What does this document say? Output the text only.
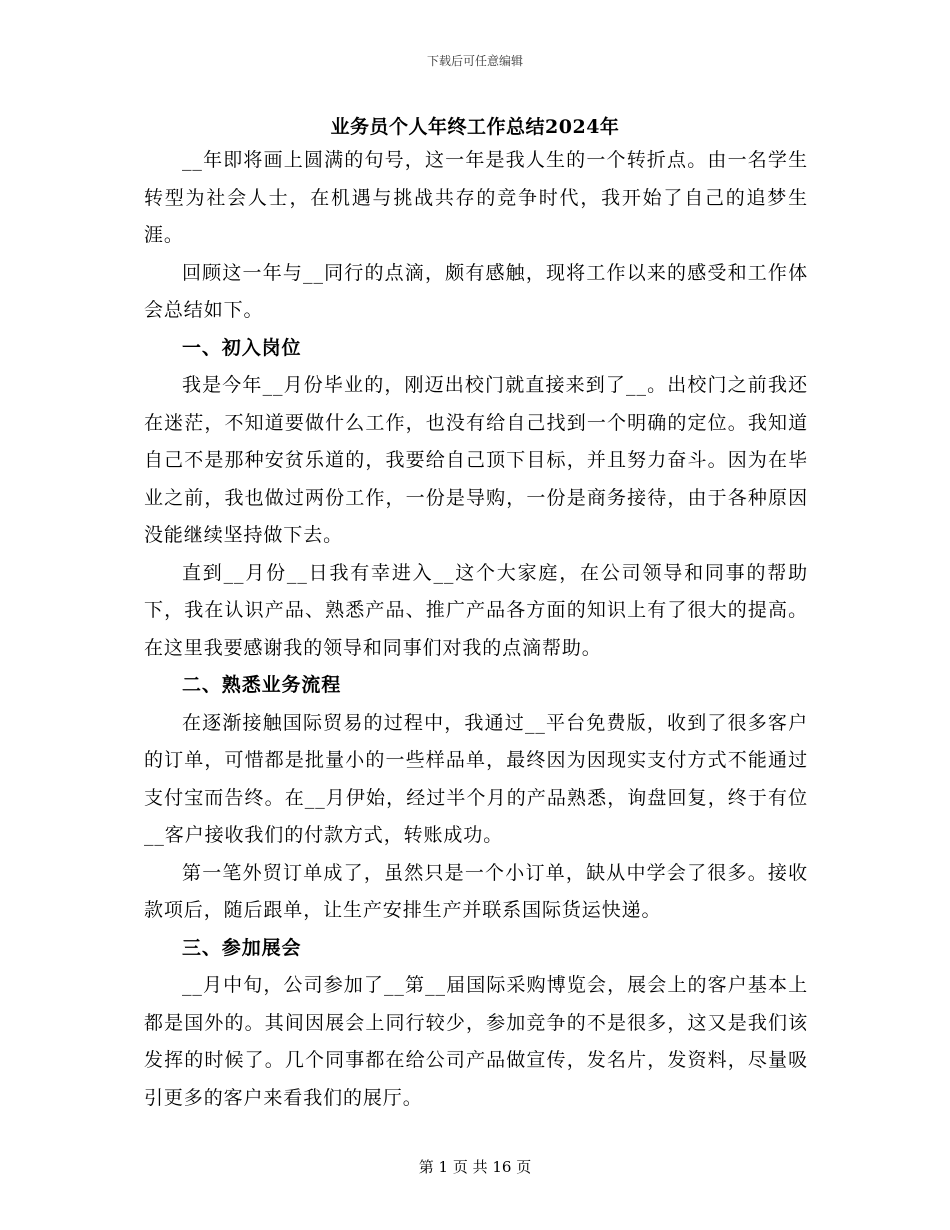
下载后可任意编辑
业务员个人年终工作总结2024年

__年即将画上圆满的句号，这一年是我人生的一个转折点。由一名学生转型为社会人士，在机遇与挑战共存的竞争时代，我开始了自己的追梦生涯。

回顾这一年与__同行的点滴，颇有感触，现将工作以来的感受和工作体会总结如下。

一、初入岗位

我是今年__月份毕业的，刚迈出校门就直接来到了__。出校门之前我还在迷茫，不知道要做什么工作，也没有给自己找到一个明确的定位。我知道自己不是那种安贫乐道的，我要给自己顶下目标，并且努力奋斗。因为在毕业之前，我也做过两份工作，一份是导购，一份是商务接待，由于各种原因没能继续坚持做下去。

直到__月份__日我有幸进入__这个大家庭，在公司领导和同事的帮助下，我在认识产品、熟悉产品、推广产品各方面的知识上有了很大的提高。在这里我要感谢我的领导和同事们对我的点滴帮助。

二、熟悉业务流程

在逐渐接触国际贸易的过程中，我通过__平台免费版，收到了很多客户的订单，可惜都是批量小的一些样品单，最终因为因现实支付方式不能通过支付宝而告终。在__月伊始，经过半个月的产品熟悉，询盘回复，终于有位__客户接收我们的付款方式，转账成功。

第一笔外贸订单成了，虽然只是一个小订单，缺从中学会了很多。接收款项后，随后跟单，让生产安排生产并联系国际货运快递。

三、参加展会

__月中旬，公司参加了__第__届国际采购博览会，展会上的客户基本上都是国外的。其间因展会上同行较少，参加竞争的不是很多，这又是我们该发挥的时候了。几个同事都在给公司产品做宣传，发名片，发资料，尽量吸引更多的客户来看我们的展厅。

第 1 页 共 16 页
